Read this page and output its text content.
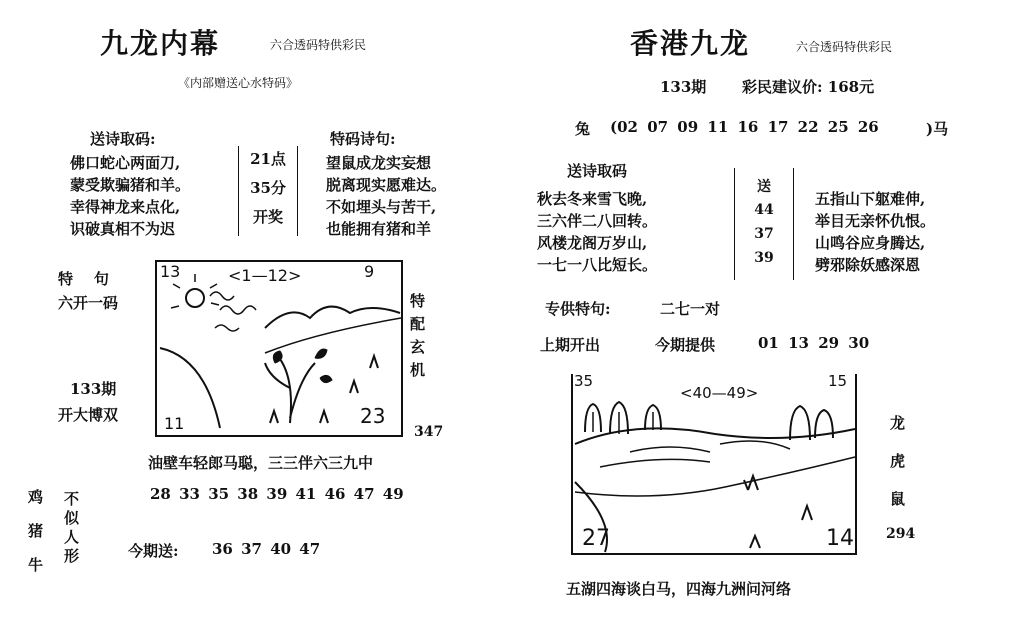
九龙内幕	六合透码特供彩民
《内部赠送心水特码》
送诗取码:
佛口蛇心两面刀,
蒙受欺骗猪和羊。
幸得神龙来点化,
识破真相不为迟
21点
35分
开奖
特码诗句:
望鼠成龙实妄想
脱离现实愿难达。
不如埋头与苦干,
也能拥有猪和羊
特    句
六开一码
133期
开大博双
13	<1—12>	9
11	23
特
配
玄
机
347
油壁车轻郎马聪，三三伴六三九中
28 33 35 38 39 41 46 47 49
鸡
猪
牛
不
似
人
形	今期送: 36 37 40 47
香港九龙	六合透码特供彩民
133期 彩民建议价: 168元
兔 (02 07 09 11 16 17 22 25 26	)马
送诗取码
秋去冬来雪飞晚,
三六伴二八回转。
风楼龙阁万岁山,
一七一八比短长。
送
44
37
39
五指山下躯难伸,
举目无亲怀仇恨。
山鸣谷应身腾达,
劈邪除妖感深恩
专供特句:	二七一对
上期开出	今期提供	01 13 29 30
35
<40—49>
15
27	14
龙
虎
鼠
294
五湖四海谈白马，四海九洲问河络
